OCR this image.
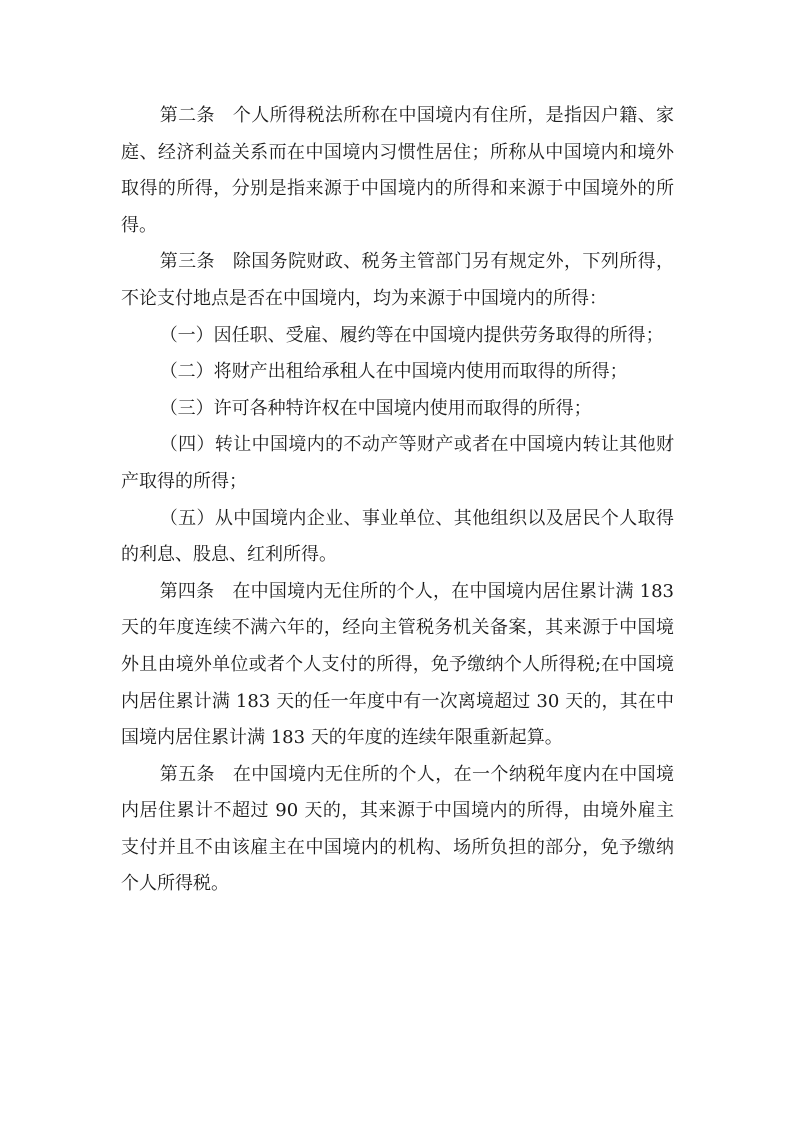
第二条 个人所得税法所称在中国境内有住所，是指因户籍、家庭、经济利益关系而在中国境内习惯性居住；所称从中国境内和境外取得的所得，分别是指来源于中国境内的所得和来源于中国境外的所得。

第三条 除国务院财政、税务主管部门另有规定外，下列所得，不论支付地点是否在中国境内，均为来源于中国境内的所得：

（一）因任职、受雇、履约等在中国境内提供劳务取得的所得；

（二）将财产出租给承租人在中国境内使用而取得的所得；

（三）许可各种特许权在中国境内使用而取得的所得；

（四）转让中国境内的不动产等财产或者在中国境内转让其他财产取得的所得；

（五）从中国境内企业、事业单位、其他组织以及居民个人取得的利息、股息、红利所得。

第四条 在中国境内无住所的个人，在中国境内居住累计满 183 天的年度连续不满六年的，经向主管税务机关备案，其来源于中国境外且由境外单位或者个人支付的所得，免予缴纳个人所得税;在中国境内居住累计满 183 天的任一年度中有一次离境超过 30 天的，其在中国境内居住累计满 183 天的年度的连续年限重新起算。

第五条 在中国境内无住所的个人，在一个纳税年度内在中国境内居住累计不超过 90 天的，其来源于中国境内的所得，由境外雇主支付并且不由该雇主在中国境内的机构、场所负担的部分，免予缴纳个人所得税。
